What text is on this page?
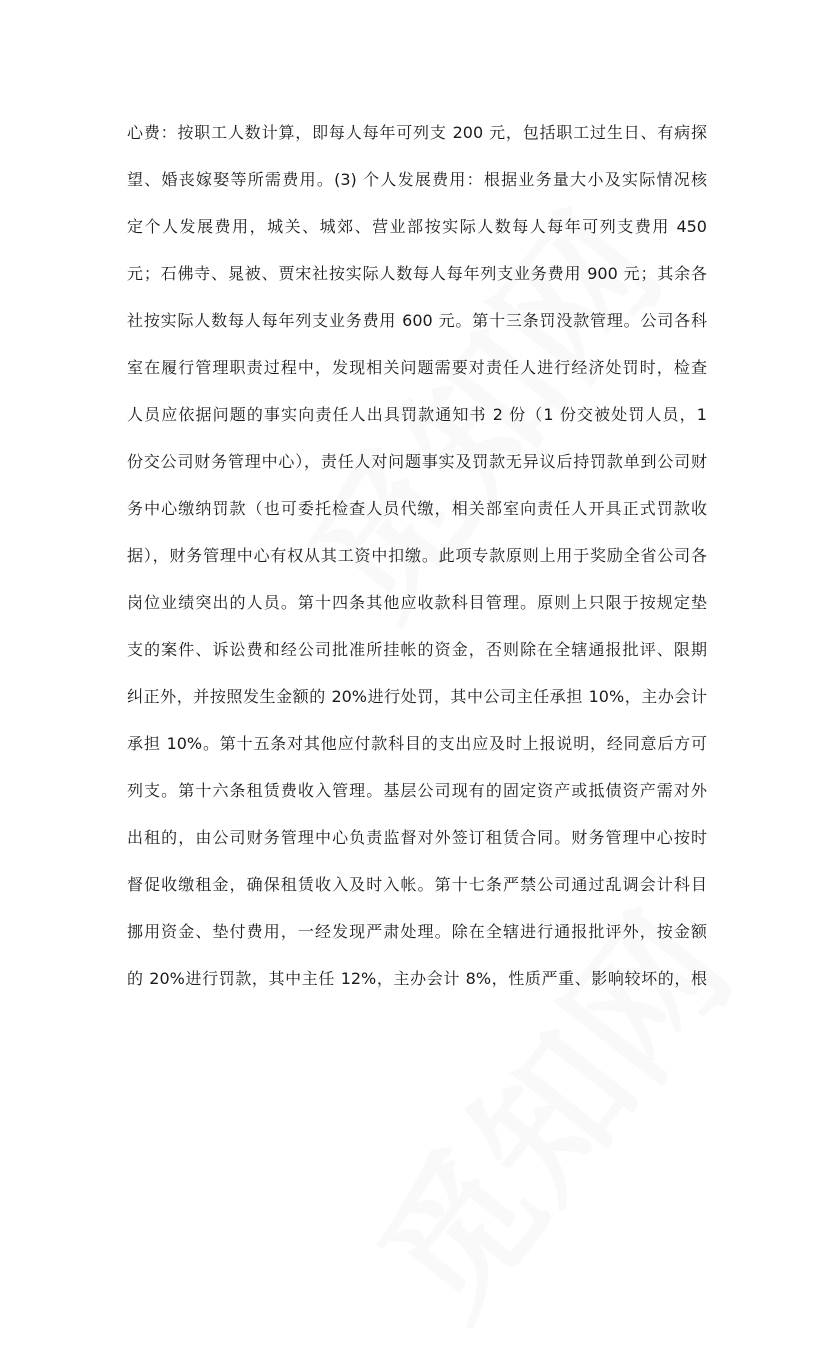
心费：按职工人数计算，即每人每年可列支 200 元，包括职工过生日、有病探
望、婚丧嫁娶等所需费用。(3) 个人发展费用：根据业务量大小及实际情况核
定个人发展费用，城关、城郊、营业部按实际人数每人每年可列支费用 450
元；石佛寺、晁被、贾宋社按实际人数每人每年列支业务费用 900 元；其余各
社按实际人数每人每年列支业务费用 600 元。第十三条罚没款管理。公司各科
室在履行管理职责过程中，发现相关问题需要对责任人进行经济处罚时，检查
人员应依据问题的事实向责任人出具罚款通知书 2 份（1 份交被处罚人员，1
份交公司财务管理中心），责任人对问题事实及罚款无异议后持罚款单到公司财
务中心缴纳罚款（也可委托检查人员代缴，相关部室向责任人开具正式罚款收
据），财务管理中心有权从其工资中扣缴。此项专款原则上用于奖励全省公司各
岗位业绩突出的人员。第十四条其他应收款科目管理。原则上只限于按规定垫
支的案件、诉讼费和经公司批准所挂帐的资金，否则除在全辖通报批评、限期
纠正外，并按照发生金额的 20%进行处罚，其中公司主任承担 10%，主办会计
承担 10%。第十五条对其他应付款科目的支出应及时上报说明，经同意后方可
列支。第十六条租赁费收入管理。基层公司现有的固定资产或抵债资产需对外
出租的，由公司财务管理中心负责监督对外签订租赁合同。财务管理中心按时
督促收缴租金，确保租赁收入及时入帐。第十七条严禁公司通过乱调会计科目
挪用资金、垫付费用，一经发现严肃处理。除在全辖进行通报批评外，按金额
的 20%进行罚款，其中主任 12%，主办会计 8%，性质严重、影响较坏的，根
